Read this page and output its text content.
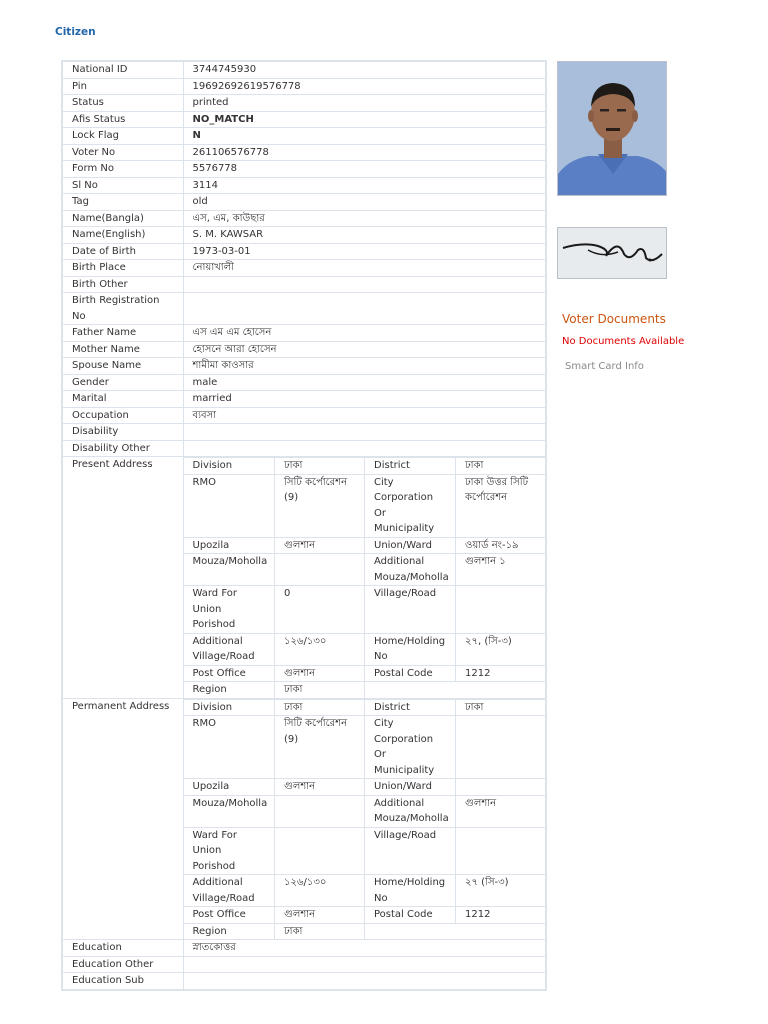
Citizen
National ID	3744745930
Pin	19692692619576778
Status	printed
Afis Status	NO_MATCH
Lock Flag	N
Voter No	261106576778
Form No	5576778
Sl No	3114
Tag	old
Name(Bangla)	এস, এম, কাউছার
Name(English)	S. M. KAWSAR
Date of Birth	1973-03-01
Birth Place	নোয়াখালী
Birth Other	
Birth Registration No	
Father Name	এস এম এম হোসেন
Mother Name	হোসনে আরা হোসেন
Spouse Name	শামীমা কাওসার
Gender	male
Marital	married
Occupation	ব্যবসা
Disability	
Disability Other	
Present Address		Division	ঢাকা	District	ঢাকা
RMO	সিটি কর্পোরেশন (9)	City Corporation Or Municipality	ঢাকা উত্তর সিটি কর্পোরেশন
Upozila	গুলশান	Union/Ward	ওয়ার্ড নং-১৯
Mouza/Moholla		Additional Mouza/Moholla	গুলশান ১
Ward For Union Porishod	0	Village/Road	
Additional Village/Road	১২৬/১৩০	Home/Holding No	২৭, (সি-৩)
Post Office	গুলশান	Postal Code	1212
Region	ঢাকা	

Permanent Address	Division	ঢাকা	District	ঢাকা
RMO	সিটি কর্পোরেশন (9)	City Corporation Or Municipality	
Upozila	গুলশান	Union/Ward	
Mouza/Moholla		Additional Mouza/Moholla	গুলশান
Ward For Union Porishod		Village/Road	
Additional Village/Road	১২৬/১৩০	Home/Holding No	২৭ (সি-৩)
Post Office	গুলশান	Postal Code	1212
Region	ঢাকা	

Education	স্নাতকোত্তর
Education Other	
Education Sub	
Voter Documents
No Documents Available
Smart Card Info
